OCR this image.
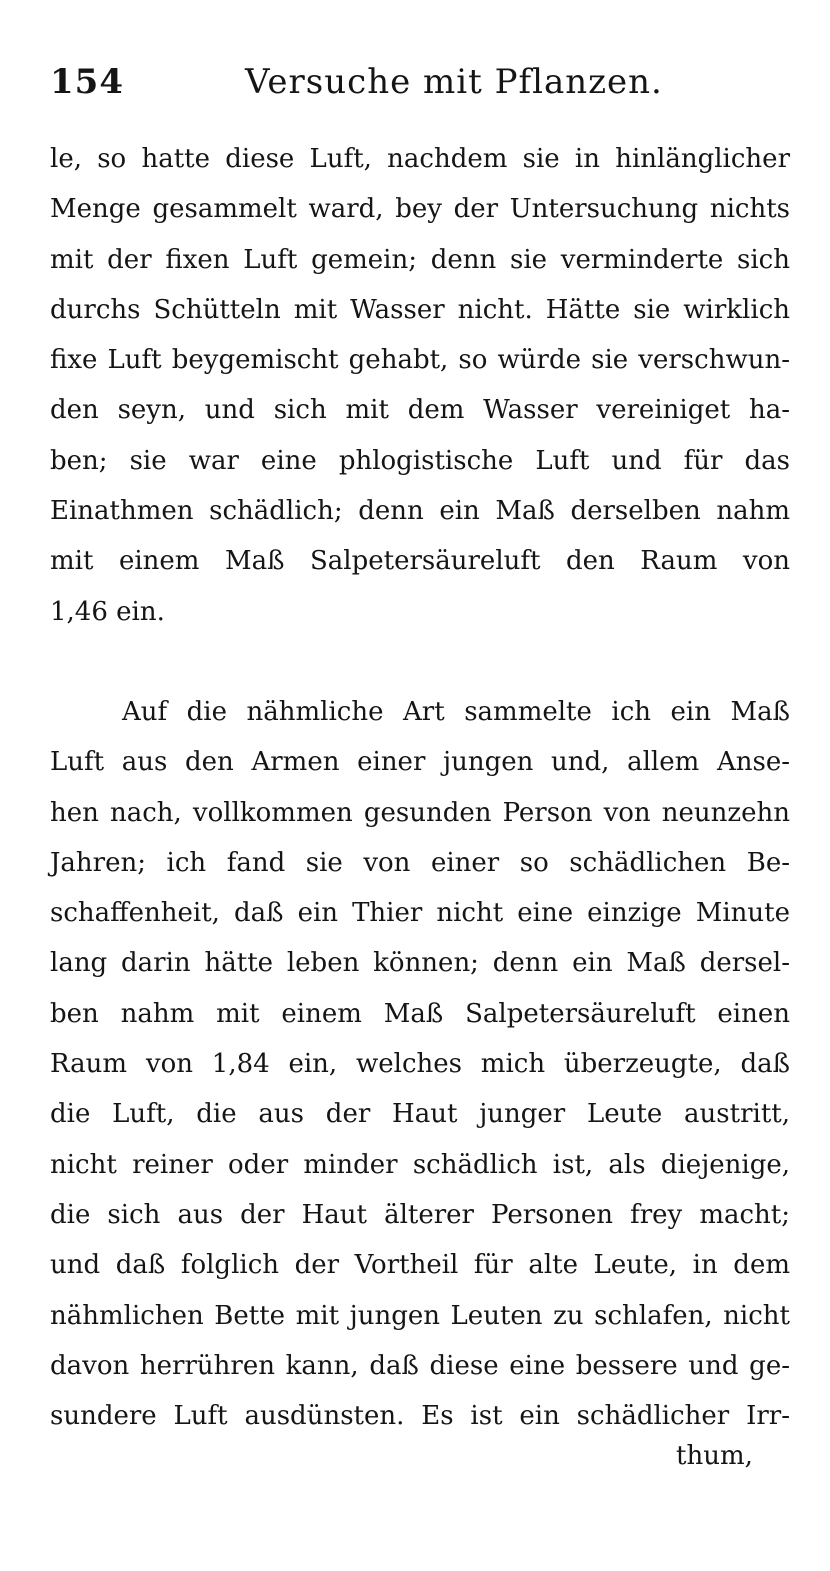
154	Versuche mit Pflanzen.
le, so hatte diese Luft, nachdem sie in hinlänglicher
Menge gesammelt ward, bey der Untersuchung nichts
mit der fixen Luft gemein; denn sie verminderte sich
durchs Schütteln mit Wasser nicht. Hätte sie wirklich
fixe Luft beygemischt gehabt, so würde sie verschwun-
den seyn, und sich mit dem Wasser vereiniget ha-
ben; sie war eine phlogistische Luft und für das
Einathmen schädlich; denn ein Maß derselben nahm
mit einem Maß Salpetersäureluft den Raum von
1,46 ein.
Auf die nähmliche Art sammelte ich ein Maß
Luft aus den Armen einer jungen und, allem Anse-
hen nach, vollkommen gesunden Person von neunzehn
Jahren; ich fand sie von einer so schädlichen Be-
schaffenheit, daß ein Thier nicht eine einzige Minute
lang darin hätte leben können; denn ein Maß dersel-
ben nahm mit einem Maß Salpetersäureluft einen
Raum von 1,84 ein, welches mich überzeugte, daß
die Luft, die aus der Haut junger Leute austritt,
nicht reiner oder minder schädlich ist, als diejenige,
die sich aus der Haut älterer Personen frey macht;
und daß folglich der Vortheil für alte Leute, in dem
nähmlichen Bette mit jungen Leuten zu schlafen, nicht
davon herrühren kann, daß diese eine bessere und ge-
sundere Luft ausdünsten. Es ist ein schädlicher Irr-
thum,
